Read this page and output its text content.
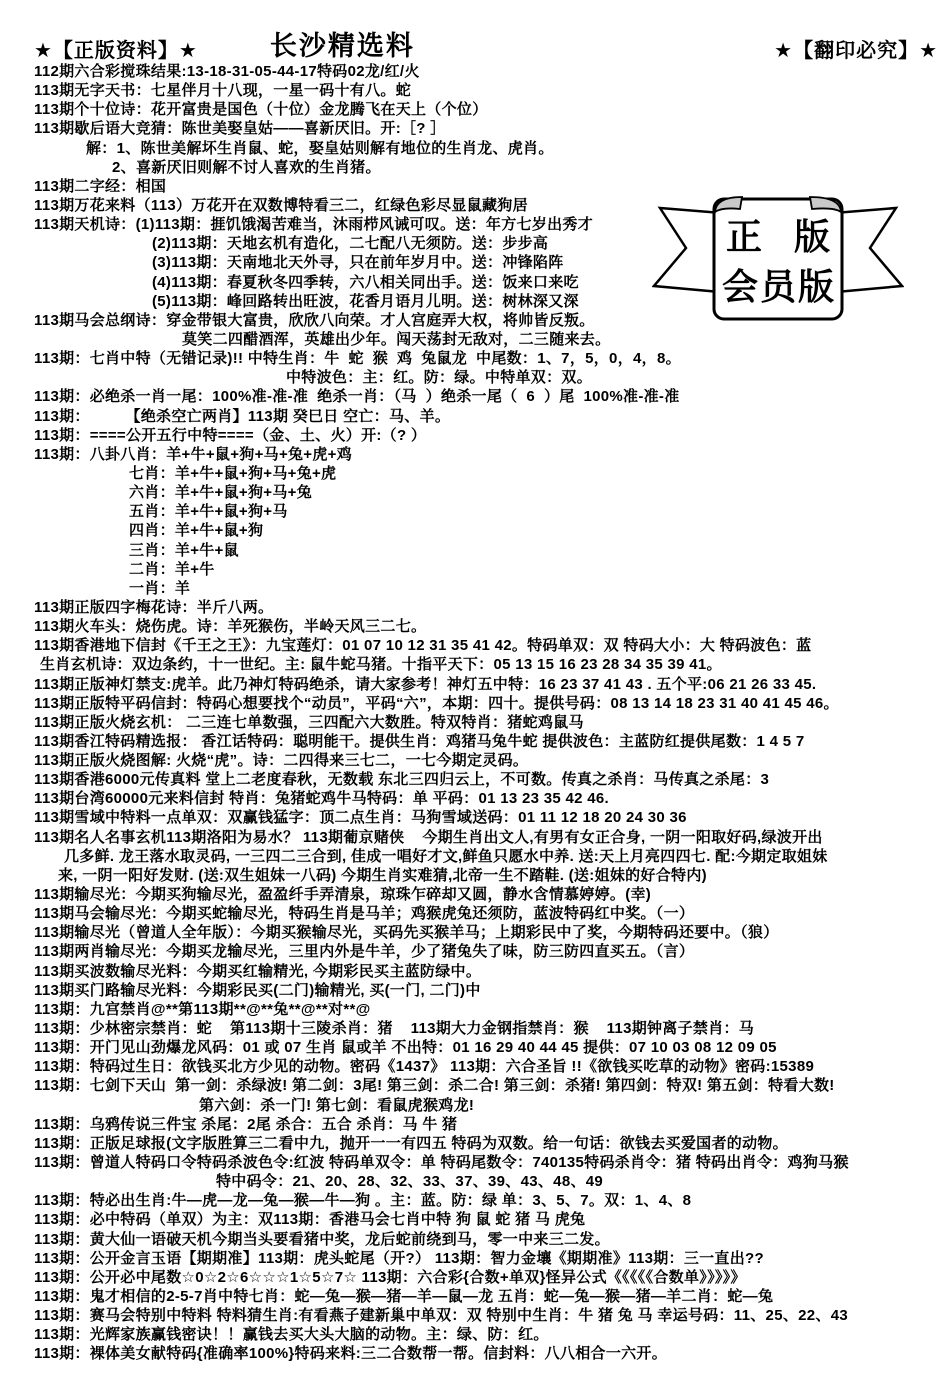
★【正版资料】★	长沙精选料	★【翻印必究】★
112期六合彩搅珠结果:13-18-31-05-44-17特码02龙/红/火
113期无字天书：七星伴月十八现，一星一码十有八。蛇
113期个十位诗：花开富贵是国色（十位）金龙腾飞在天上（个位）
113期歇后语大竞猜：陈世美娶皇姑——喜新厌旧。开:［? ］
解：1、陈世美解坏生肖鼠、蛇，娶皇姑则解有地位的生肖龙、虎肖。
2、喜新厌旧则解不讨人喜欢的生肖猪。
113期二字经：相国
113期万花来料（113）万花开在双数博特看三二，红绿色彩尽显鼠藏狗居
113期天机诗：(1)113期：捱饥饿渴苦难当，沐雨栉风诫可叹。送：年方七岁出秀才
(2)113期：天地玄机有造化，二七配八无须防。送：步步高
(3)113期：天南地北天外寻，只在前年岁月中。送：冲锋陷阵
(4)113期：春夏秋冬四季转，六八相关同出手。送：饭来口来吃
(5)113期：峰回路转出旺波，花香月语月儿明。送：树林深又深
113期马会总纲诗：穿金带银大富贵，欣欣八向荣。才人宫庭弄大权，将帅皆反叛。
莫笑二四醋酒浑，英雄出少年。闯天荡封无敌对，二三随来去。
113期：七肖中特（无错记录)!! 中特生肖：牛  蛇  猴  鸡  兔鼠龙  中尾数：1、7，5，0，4，8。
中特波色：主：红。防：绿。中特单双：双。
113期：必绝杀一肖一尾：100%准-准-准  绝杀一肖：（马  ）绝杀一尾（  6  ）尾  100%准-准-准
113期：        【绝杀空亡两肖】113期 癸巳日 空亡：马、羊。
113期：====公开五行中特====（金、土、火）开:（? ）
113期：八卦八肖：羊+牛+鼠+狗+马+兔+虎+鸡
七肖：羊+牛+鼠+狗+马+兔+虎
六肖：羊+牛+鼠+狗+马+兔
五肖：羊+牛+鼠+狗+马
四肖：羊+牛+鼠+狗
三肖：羊+牛+鼠
二肖：羊+牛
一肖：羊
113期正版四字梅花诗：半斤八两。
113期火车头：烧伤虎。诗：羊死猴伤，半岭天风三二七。
113期香港地下信封《千王之王》：九宝莲灯：01 07 10 12 31 35 41 42。特码单双：双 特码大小：大 特码波色：蓝
生肖玄机诗：双边条约，十一世纪。主: 鼠牛蛇马猪。十指平天下：05 13 15 16 23 28 34 35 39 41。
113期正版神灯禁支:虎羊。此乃神灯特码绝杀，请大家参考！神灯五中特：16 23 37 41 43 . 五个平:06 21 26 33 45.
113期正版特平码信封：特码心想要找个“动员”，平码“六”，本期：四十。提供号码：08 13 14 18 23 31 40 41 45 46。
113期正版火烧玄机： 二三连七单数强，三四配六大数胜。特双特肖：猪蛇鸡鼠马
113期香江特码精选报： 香江话特码：聪明能干。提供生肖：鸡猪马兔牛蛇 提供波色：主蓝防红提供尾数：1 4 5 7
113期正版火烧图解: 火烧“虎”。诗：二四得来三七二，一七今期定灵码。
113期香港6000元传真料 堂上二老度春秋，无数载 东北三四归云上，不可数。传真之杀肖：马传真之杀尾：3
113期台湾60000元来料信封 特肖：兔猪蛇鸡牛马特码：单 平码：01 13 23 35 42 46.
113期雪域中特料一点单双：双赢钱猛字：顶二点生肖：马狗雪域送码：01 11 12 18 20 24 30 36
113期名人名事玄机113期洛阳为易水？ 113期葡京赌侠    今期生肖出文人,有男有女正合身, 一阴一阳取好码,绿波开出
几多鲜. 龙王落水取灵码, 一三四二三合到, 佳成一唱好才文,鲜鱼只愿水中养. 送:天上月亮四四七. 配:今期定取姐妹
来, 一阴一阳好发财. (送:双生姐妹一八码) 今期生肖实难猜,北帝一生不踏鞋. (送:姐妹的好合特内)
113期输尽光：今期买狗输尽光，盈盈纤手弄清泉，琼珠乍碎却又圆，静水含情慕婷婷。(幸)
113期马会输尽光：今期买蛇输尽光，特码生肖是马羊；鸡猴虎兔还须防，蓝波特码红中奖。（一）
113期输尽光（曾道人全年版）：今期买猴输尽光，买码先买猴羊马；上期彩民中了奖，今期特码还要中。（狼）
113期两肖输尽光：今期买龙输尽光，三里内外是牛羊，少了猪兔失了味，防三防四直买五。（言）
113期买波数输尽光料：今期买红输精光, 今期彩民买主蓝防绿中。
113期买门路输尽光料：今期彩民买(二门)输精光, 买(一门, 二门)中
113期：九宫禁肖@**第113期**@**兔**@**对**@
113期：少林密宗禁肖：蛇    第113期十三陵杀肖：猪    113期大力金钢指禁肖：猴    113期钟离子禁肖：马
113期：开门见山劲爆龙风码：01 或 07 生肖 鼠或羊 不出特：01 16 29 40 44 45 提供：07 10 03 08 12 09 05
113期：特码过生日：欲钱买北方少见的动物。密码《1437》 113期：六合圣旨 !!《欲钱买吃草的动物》密码:15389
113期：七剑下天山  第一剑：杀绿波! 第二剑：3尾! 第三剑：杀二合! 第三剑：杀猪! 第四剑：特双! 第五剑：特看大数!
第六剑：杀一门! 第七剑：看鼠虎猴鸡龙!
113期：乌鸦传说三件宝 杀尾：2尾 杀合：五合 杀肖：马 牛 猪
113期：正版足球报(文字版胜算三二看中九，抛开一一有四五 特码为双数。给一句话：欲钱去买爱国者的动物。
113期：曾道人特码口令特码杀波色令:红波 特码单双令：单 特码尾数令：740135特码杀肖令：猪 特码出肖令：鸡狗马猴
特中码令：21、20、28、32、33、37、39、43、48、49
113期：特必出生肖:牛—虎—龙—兔—猴—牛—狗 。主：蓝。防：绿 单：3、5、7。双：1、4、8
113期：必中特码（单双）为主：双113期：香港马会七肖中特 狗 鼠 蛇 猪 马 虎兔
113期：黄大仙一语破天机今期当头要看猪中奖，龙后蛇前绕到马，零一中来三二发。
113期：公开金言玉语【期期准】113期：虎头蛇尾（开?） 113期：智力金壤《期期准》113期：三一直出??
113期：公开必中尾数☆0☆2☆6☆☆☆1☆5☆7☆ 113期：六合彩{合数+单双}怪异公式《《《《《合数单》》》》》
113期：鬼才相信的2-5-7肖中特七肖：蛇—兔—猴—猪—羊—鼠—龙 五肖：蛇—兔—猴—猪—羊二肖：蛇—兔
113期：赛马会特别中特料 特料猜生肖:有看燕子建新巢中单双：双 特别中生肖：牛 猪 兔 马 幸运号码：11、25、22、43
113期：光辉家族赢钱密诀！！赢钱去买大头大脑的动物。主：绿、防：红。
113期：裸体美女献特码{准确率100%}特码来料:三二合数帮一帮。信封料：八八相合一六开。
正 版
会员版
